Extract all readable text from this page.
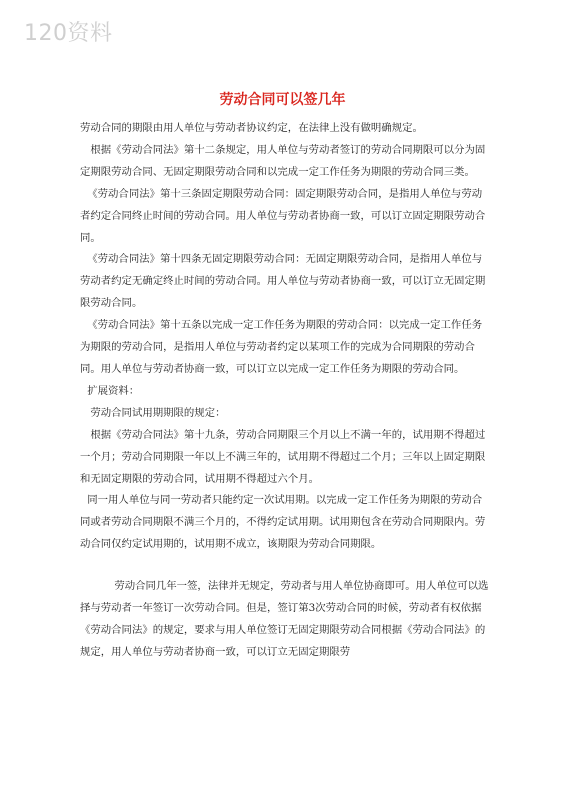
120资料
劳动合同可以签几年

劳动合同的期限由用人单位与劳动者协议约定，在法律上没有做明确规定。

根据《劳动合同法》第十二条规定，用人单位与劳动者签订的劳动合同期限可以分为固定期限劳动合同、无固定期限劳动合同和以完成一定工作任务为期限的劳动合同三类。

《劳动合同法》第十三条固定期限劳动合同：固定期限劳动合同，是指用人单位与劳动者约定合同终止时间的劳动合同。用人单位与劳动者协商一致，可以订立固定期限劳动合同。

《劳动合同法》第十四条无固定期限劳动合同：无固定期限劳动合同，是指用人单位与劳动者约定无确定终止时间的劳动合同。用人单位与劳动者协商一致，可以订立无固定期限劳动合同。

《劳动合同法》第十五条以完成一定工作任务为期限的劳动合同：以完成一定工作任务为期限的劳动合同，是指用人单位与劳动者约定以某项工作的完成为合同期限的劳动合同。用人单位与劳动者协商一致，可以订立以完成一定工作任务为期限的劳动合同。

扩展资料：

劳动合同试用期期限的规定：

根据《劳动合同法》第十九条，劳动合同期限三个月以上不满一年的，试用期不得超过一个月；劳动合同期限一年以上不满三年的，试用期不得超过二个月；三年以上固定期限和无固定期限的劳动合同，试用期不得超过六个月。

同一用人单位与同一劳动者只能约定一次试用期。以完成一定工作任务为期限的劳动合同或者劳动合同期限不满三个月的，不得约定试用期。试用期包含在劳动合同期限内。劳动合同仅约定试用期的，试用期不成立，该期限为劳动合同期限。

劳动合同几年一签，法律并无规定，劳动者与用人单位协商即可。用人单位可以选择与劳动者一年签订一次劳动合同。但是，签订第3次劳动合同的时候，劳动者有权依据《劳动合同法》的规定，要求与用人单位签订无固定期限劳动合同根据《劳动合同法》的规定，用人单位与劳动者协商一致，可以订立无固定期限劳
